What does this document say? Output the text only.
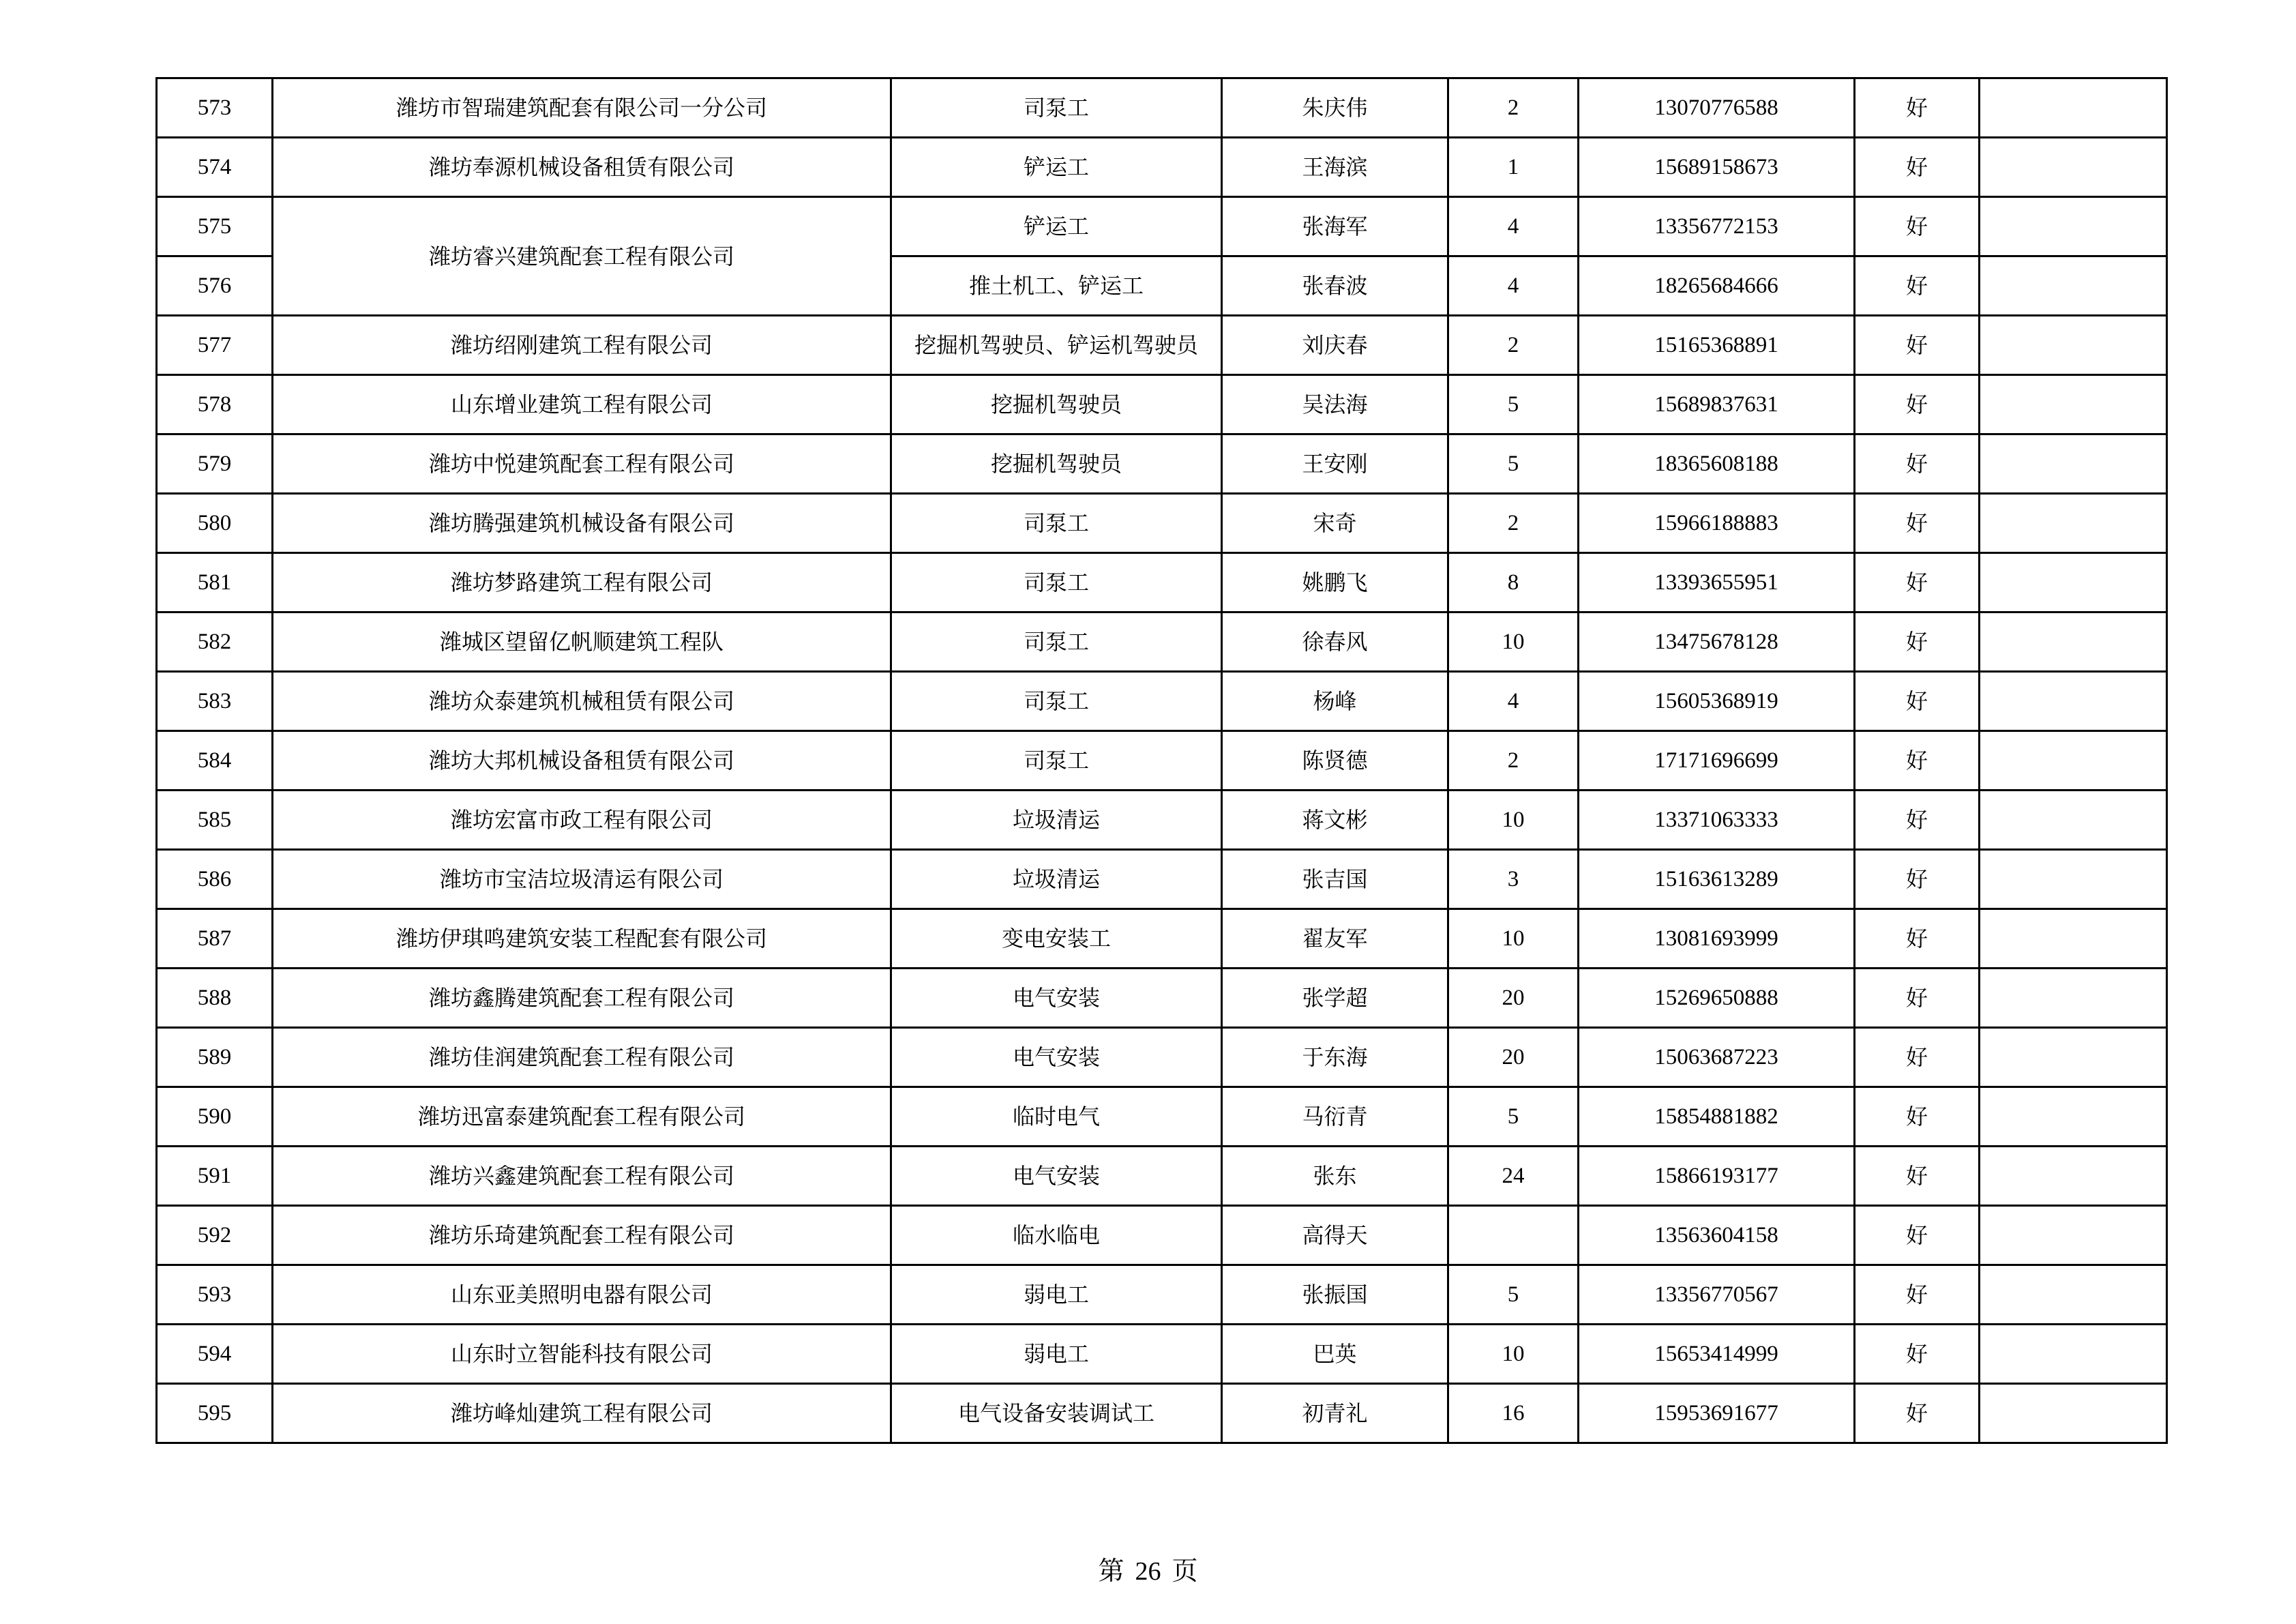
573	潍坊市智瑞建筑配套有限公司一分公司	司泵工	朱庆伟	2	13070776588	好	
574	潍坊奉源机械设备租赁有限公司	铲运工	王海滨	1	15689158673	好	
575	潍坊睿兴建筑配套工程有限公司	铲运工	张海军	4	13356772153	好	
576		推土机工、铲运工	张春波	4	18265684666	好	
577	潍坊绍刚建筑工程有限公司	挖掘机驾驶员、铲运机驾驶员	刘庆春	2	15165368891	好	
578	山东增业建筑工程有限公司	挖掘机驾驶员	吴法海	5	15689837631	好	
579	潍坊中悦建筑配套工程有限公司	挖掘机驾驶员	王安刚	5	18365608188	好	
580	潍坊腾强建筑机械设备有限公司	司泵工	宋奇	2	15966188883	好	
581	潍坊梦路建筑工程有限公司	司泵工	姚鹏飞	8	13393655951	好	
582	潍城区望留亿帆顺建筑工程队	司泵工	徐春风	10	13475678128	好	
583	潍坊众泰建筑机械租赁有限公司	司泵工	杨峰	4	15605368919	好	
584	潍坊大邦机械设备租赁有限公司	司泵工	陈贤德	2	17171696699	好	
585	潍坊宏富市政工程有限公司	垃圾清运	蒋文彬	10	13371063333	好	
586	潍坊市宝洁垃圾清运有限公司	垃圾清运	张吉国	3	15163613289	好	
587	潍坊伊琪鸣建筑安装工程配套有限公司	变电安装工	翟友军	10	13081693999	好	
588	潍坊鑫腾建筑配套工程有限公司	电气安装	张学超	20	15269650888	好	
589	潍坊佳润建筑配套工程有限公司	电气安装	于东海	20	15063687223	好	
590	潍坊迅富泰建筑配套工程有限公司	临时电气	马衍青	5	15854881882	好	
591	潍坊兴鑫建筑配套工程有限公司	电气安装	张东	24	15866193177	好	
592	潍坊乐琦建筑配套工程有限公司	临水临电	高得天		13563604158	好	
593	山东亚美照明电器有限公司	弱电工	张振国	5	13356770567	好	
594	山东时立智能科技有限公司	弱电工	巴英	10	15653414999	好	
595	潍坊峰灿建筑工程有限公司	电气设备安装调试工	初青礼	16	15953691677	好	
第 26 页
